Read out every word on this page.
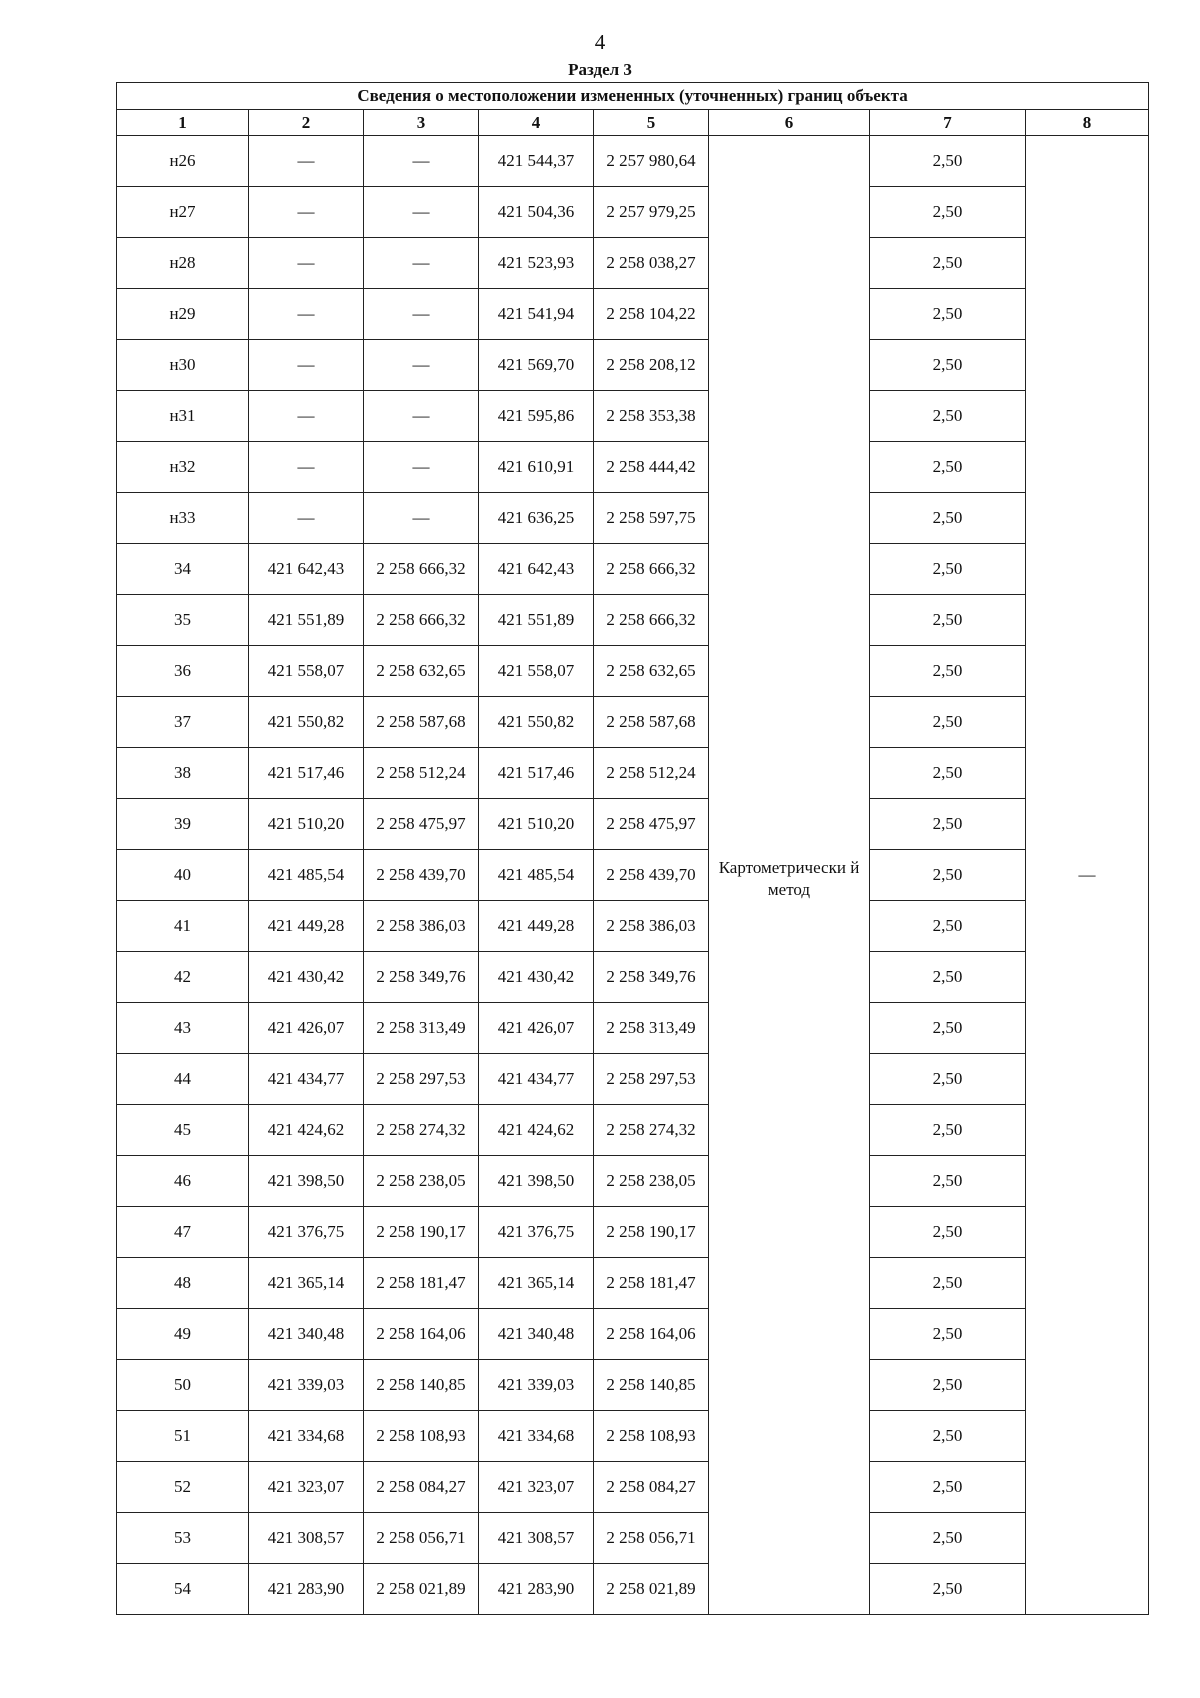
4
Раздел 3
Сведения о местоположении измененных (уточненных) границ объекта							
1	2	3	4	5	6	7	8
н26	—	—	421 544,37	2 257 980,64	Картометрически й метод	2,50	—
н27	—	—	421 504,36	2 257 979,25		2,50	
н28	—	—	421 523,93	2 258 038,27		2,50	
н29	—	—	421 541,94	2 258 104,22		2,50	
н30	—	—	421 569,70	2 258 208,12		2,50	
н31	—	—	421 595,86	2 258 353,38		2,50	
н32	—	—	421 610,91	2 258 444,42		2,50	
н33	—	—	421 636,25	2 258 597,75		2,50	
34	421 642,43	2 258 666,32	421 642,43	2 258 666,32		2,50	
35	421 551,89	2 258 666,32	421 551,89	2 258 666,32		2,50	
36	421 558,07	2 258 632,65	421 558,07	2 258 632,65		2,50	
37	421 550,82	2 258 587,68	421 550,82	2 258 587,68		2,50	
38	421 517,46	2 258 512,24	421 517,46	2 258 512,24		2,50	
39	421 510,20	2 258 475,97	421 510,20	2 258 475,97		2,50	
40	421 485,54	2 258 439,70	421 485,54	2 258 439,70		2,50	
41	421 449,28	2 258 386,03	421 449,28	2 258 386,03		2,50	
42	421 430,42	2 258 349,76	421 430,42	2 258 349,76		2,50	
43	421 426,07	2 258 313,49	421 426,07	2 258 313,49		2,50	
44	421 434,77	2 258 297,53	421 434,77	2 258 297,53		2,50	
45	421 424,62	2 258 274,32	421 424,62	2 258 274,32		2,50	
46	421 398,50	2 258 238,05	421 398,50	2 258 238,05		2,50	
47	421 376,75	2 258 190,17	421 376,75	2 258 190,17		2,50	
48	421 365,14	2 258 181,47	421 365,14	2 258 181,47		2,50	
49	421 340,48	2 258 164,06	421 340,48	2 258 164,06		2,50	
50	421 339,03	2 258 140,85	421 339,03	2 258 140,85		2,50	
51	421 334,68	2 258 108,93	421 334,68	2 258 108,93		2,50	
52	421 323,07	2 258 084,27	421 323,07	2 258 084,27		2,50	
53	421 308,57	2 258 056,71	421 308,57	2 258 056,71		2,50	
54	421 283,90	2 258 021,89	421 283,90	2 258 021,89		2,50	
